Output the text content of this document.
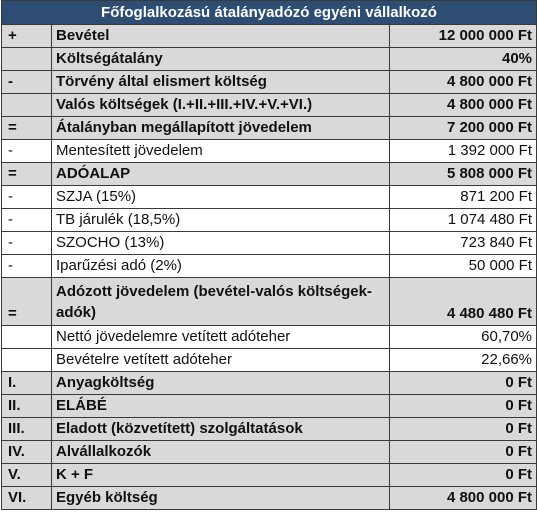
Főfoglalkozású átalányadózó egyéni vállalkozó		
+	Bevétel	12 000 000 Ft
	Költségátalány	40%
-	Törvény által elismert költség	4 800 000 Ft
	Valós költségek (I.+II.+III.+IV.+V.+VI.)	4 800 000 Ft
=	Átalányban megállapított jövedelem	7 200 000 Ft
-	Mentesített jövedelem	1 392 000 Ft
=	ADÓALAP	5 808 000 Ft
-	SZJA (15%)	871 200 Ft
-	TB járulék (18,5%)	1 074 480 Ft
-	SZOCHO (13%)	723 840 Ft
-	Iparűzési adó (2%)	50 000 Ft
=	Adózott jövedelem (bevétel-valós költségek-adók)	4 480 480 Ft
	Nettó jövedelemre vetített adóteher	60,70%
	Bevételre vetített adóteher	22,66%
I.	Anyagköltség	0 Ft
II.	ELÁBÉ	0 Ft
III.	Eladott (közvetített) szolgáltatások	0 Ft
IV.	Alvállalkozók	0 Ft
V.	K + F	0 Ft
VI.	Egyéb költség	4 800 000 Ft
